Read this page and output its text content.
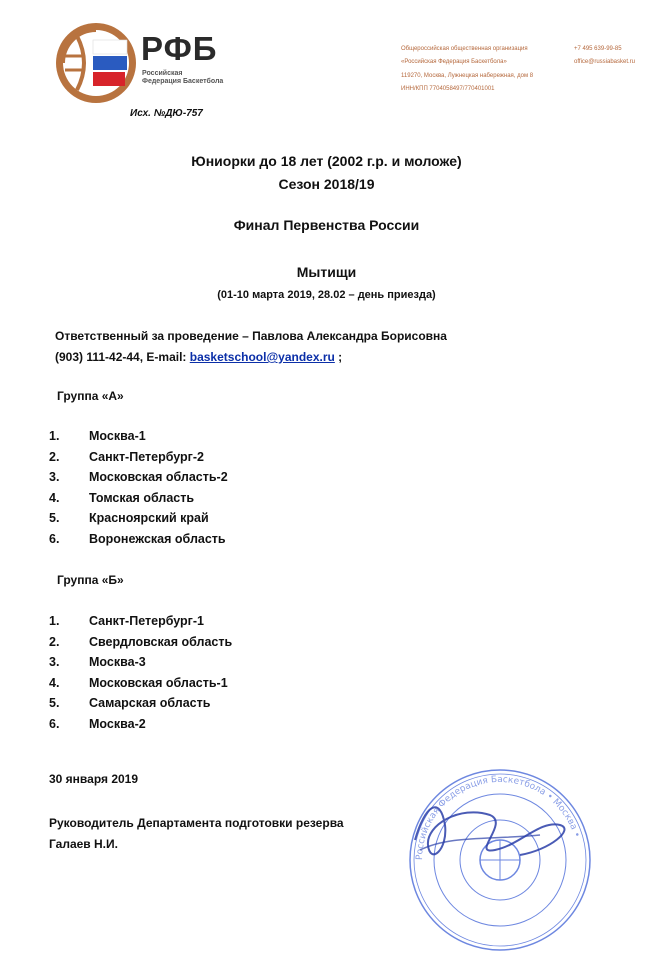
РФБ
Российская
Федерация Баскетбола
Общероссийская общественная организация
«Российская Федерация Баскетбола»
119270, Москва, Лужнецкая набережная, дом 8
ИНН/КПП 7704058497/770401001
+7 495 639-99-85
office@russiabasket.ru
Исх. №ДЮ-757
Юниорки до 18 лет (2002 г.р. и моложе)
Сезон 2018/19
Финал Первенства России
Мытищи
(01-10 марта 2019, 28.02 – день приезда)
Ответственный за проведение – Павлова Александра Борисовна
(903) 111-42-44, E-mail: basketschool@yandex.ru ;
Группа «А»
1. Москва-1
2. Санкт-Петербург-2
3. Московская область-2
4. Томская область
5. Красноярский край
6. Воронежская область
Группа «Б»
1. Санкт-Петербург-1
2. Свердловская область
3. Москва-3
4. Московская область-1
5. Самарская область
6. Москва-2
30 января 2019
Руководитель Департамента подготовки резерва
Галаев Н.И.
Российская Федерация Баскетбола • Москва •
